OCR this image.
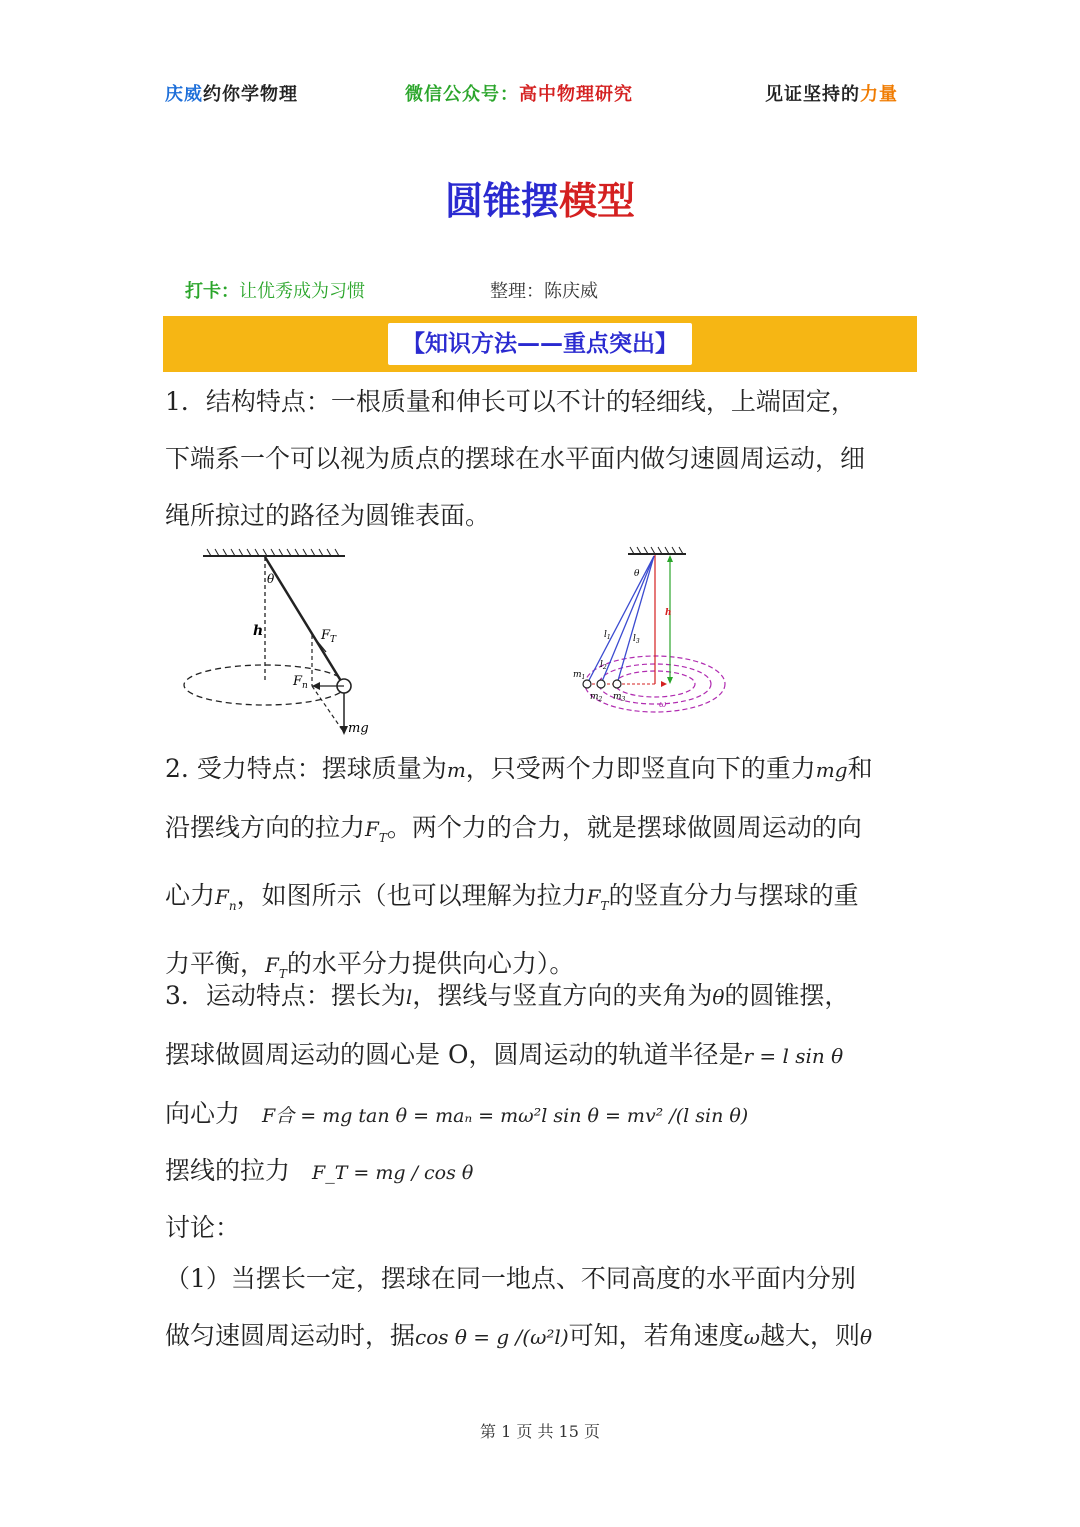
庆威约你学物理	微信公众号：高中物理研究	见证坚持的力量
圆锥摆模型
打卡：让优秀成为习惯	整理：陈庆威
【知识方法——重点突出】
1．结构特点：一根质量和伸长可以不计的轻细线，上端固定，
下端系一个可以视为质点的摆球在水平面内做匀速圆周运动，细
绳所掠过的路径为圆锥表面。
θ
h	$F_T$
$F_n$
mg
θ
h
$l_1$ $l_3$
$l_2$
$m_1$
$m_2$ $m_3$
ω
2. 受力特点：摆球质量为m，只受两个力即竖直向下的重力mg和
沿摆线方向的拉力$F_T$。两个力的合力，就是摆球做圆周运动的向
心力$F_n$，如图所示（也可以理解为拉力$F_T$的竖直分力与摆球的重
力平衡，$F_T$的水平分力提供向心力）。
3．运动特点：摆长为l，摆线与竖直方向的夹角为θ的圆锥摆，
摆球做圆周运动的圆心是 O，圆周运动的轨道半径是r = l sin θ
向心力 F合 = mg tan θ = maₙ = mω²l sin θ = mv² /(l sin θ)
摆线的拉力 F_T = mg / cos θ
讨论：
（1）当摆长一定，摆球在同一地点、不同高度的水平面内分别
做匀速圆周运动时，据cos θ = g /(ω²l)可知，若角速度ω越大，则θ
第 1 页 共 15 页
